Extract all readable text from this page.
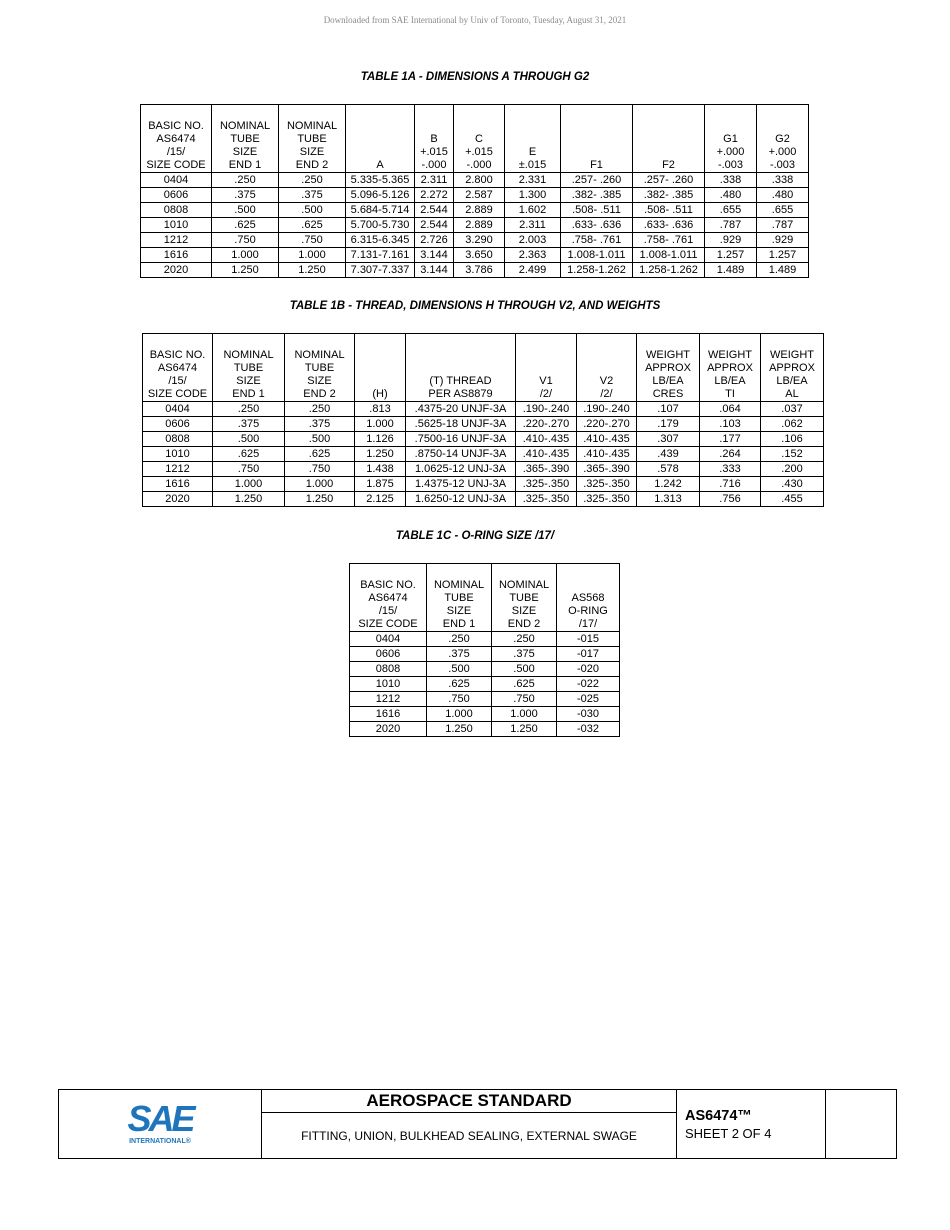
Downloaded from SAE International by Univ of Toronto, Tuesday, August 31, 2021
TABLE 1A - DIMENSIONS A THROUGH G2
BASIC NO.
AS6474
/15/
SIZE CODE	NOMINAL
TUBE
SIZE
END 1	NOMINAL
TUBE
SIZE
END 2	A	B
+.015
-.000	C
+.015
-.000	E
±.015	F1	F2	G1
+.000
-.003	G2
+.000
-.003

0404	.250	.250	5.335-5.365	2.311	2.800	2.331	.257- .260	.257- .260	.338	.338
0606	.375	.375	5.096-5.126	2.272	2.587	1.300	.382- .385	.382- .385	.480	.480
0808	.500	.500	5.684-5.714	2.544	2.889	1.602	.508- .511	.508- .511	.655	.655
1010	.625	.625	5.700-5.730	2.544	2.889	2.311	.633- .636	.633- .636	.787	.787
1212	.750	.750	6.315-6.345	2.726	3.290	2.003	.758- .761	.758- .761	.929	.929
1616	1.000	1.000	7.131-7.161	3.144	3.650	2.363	1.008-1.011	1.008-1.011	1.257	1.257
2020	1.250	1.250	7.307-7.337	3.144	3.786	2.499	1.258-1.262	1.258-1.262	1.489	1.489
TABLE 1B - THREAD, DIMENSIONS H THROUGH V2, AND WEIGHTS
BASIC NO.
AS6474
/15/
SIZE CODE	NOMINAL
TUBE
SIZE
END 1	NOMINAL
TUBE
SIZE
END 2	(H)	(T) THREAD
PER AS8879	V1
/2/	V2
/2/	WEIGHT
APPROX
LB/EA
CRES	WEIGHT
APPROX
LB/EA
TI	WEIGHT
APPROX
LB/EA
AL

0404	.250	.250	.813	.4375-20 UNJF-3A	.190-.240	.190-.240	.107	.064	.037
0606	.375	.375	1.000	.5625-18 UNJF-3A	.220-.270	.220-.270	.179	.103	.062
0808	.500	.500	1.126	.7500-16 UNJF-3A	.410-.435	.410-.435	.307	.177	.106
1010	.625	.625	1.250	.8750-14 UNJF-3A	.410-.435	.410-.435	.439	.264	.152
1212	.750	.750	1.438	1.0625-12 UNJ-3A	.365-.390	.365-.390	.578	.333	.200
1616	1.000	1.000	1.875	1.4375-12 UNJ-3A	.325-.350	.325-.350	1.242	.716	.430
2020	1.250	1.250	2.125	1.6250-12 UNJ-3A	.325-.350	.325-.350	1.313	.756	.455
TABLE 1C - O-RING SIZE /17/
BASIC NO.
AS6474
/15/
SIZE CODE	NOMINAL
TUBE
SIZE
END 1	NOMINAL
TUBE
SIZE
END 2	AS568
O-RING
/17/

0404	.250	.250	-015
0606	.375	.375	-017
0808	.500	.500	-020
1010	.625	.625	-022
1212	.750	.750	-025
1616	1.000	1.000	-030
2020	1.250	1.250	-032
SAE
INTERNATIONAL®
	AEROSPACE STANDARD	
AS6474™
SHEET 2 OF 4

FITTING, UNION, BULKHEAD SEALING, EXTERNAL SWAGE
